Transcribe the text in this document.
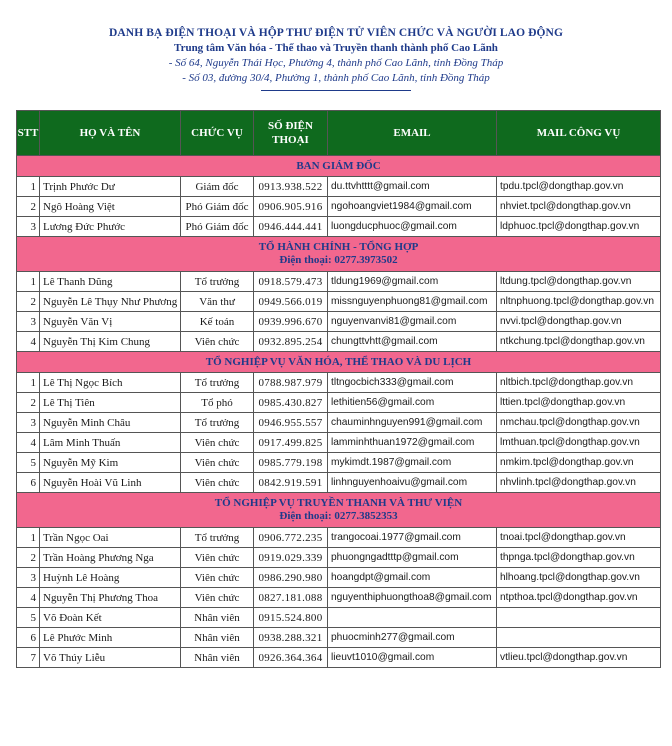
DANH BẠ ĐIỆN THOẠI VÀ HỘP THƯ ĐIỆN TỬ VIÊN CHỨC VÀ NGƯỜI LAO ĐỘNG
Trung tâm Văn hóa - Thể thao và Truyền thanh thành phố Cao Lãnh
- Số 64, Nguyễn Thái Học, Phường 4, thành phố Cao Lãnh, tỉnh Đồng Tháp
- Số 03, đường 30/4, Phường 1, thành phố Cao Lãnh, tỉnh Đồng Tháp
STT	HỌ VÀ TÊN	CHỨC VỤ	SỐ ĐIỆN THOẠI	EMAIL	MAIL CÔNG VỤ

BAN GIÁM ĐỐC					

1	Trịnh Phước Dư	Giám đốc	0913.938.522	du.ttvhtttt@gmail.com	tpdu.tpcl@dongthap.gov.vn
2	Ngô Hoàng Việt	Phó Giám đốc	0906.905.916	ngohoangviet1984@gmail.com	nhviet.tpcl@dongthap.gov.vn
3	Lương Đức Phước	Phó Giám đốc	0946.444.441	luongducphuoc@gmail.com	ldphuoc.tpcl@dongthap.gov.vn

TỔ HÀNH CHÍNH - TỔNG HỢP
Điện thoại: 0277.3973502					

1	Lê Thanh Dũng	Tổ trưởng	0918.579.473	tldung1969@gmail.com	ltdung.tpcl@dongthap.gov.vn
2	Nguyễn Lê Thụy Như Phương	Văn thư	0949.566.019	missnguyenphuong81@gmail.com	nltnphuong.tpcl@dongthap.gov.vn
3	Nguyễn Văn Vị	Kế toán	0939.996.670	nguyenvanvi81@gmail.com	nvvi.tpcl@dongthap.gov.vn
4	Nguyễn Thị Kim Chung	Viên chức	0932.895.254	chungttvhtt@gmail.com	ntkchung.tpcl@dongthap.gov.vn

TỔ NGHIỆP VỤ VĂN HÓA, THỂ THAO VÀ DU LỊCH					

1	Lê Thị Ngọc Bích	Tổ trưởng	0788.987.979	tltngocbich333@gmail.com	nltbich.tpcl@dongthap.gov.vn
2	Lê Thị Tiên	Tổ phó	0985.430.827	lethitien56@gmail.com	lttien.tpcl@dongthap.gov.vn
3	Nguyễn Minh Châu	Tổ trưởng	0946.955.557	chauminhnguyen991@gmail.com	nmchau.tpcl@dongthap.gov.vn
4	Lâm Minh Thuấn	Viên chức	0917.499.825	lamminhthuan1972@gmail.com	lmthuan.tpcl@dongthap.gov.vn
5	Nguyễn Mỹ Kim	Viên chức	0985.779.198	mykimdt.1987@gmail.com	nmkim.tpcl@dongthap.gov.vn
6	Nguyễn Hoài Vũ Linh	Viên chức	0842.919.591	linhnguyenhoaivu@gmail.com	nhvlinh.tpcl@dongthap.gov.vn

TỔ NGHIỆP VỤ TRUYỀN THANH VÀ THƯ VIỆN
Điện thoại: 0277.3852353					

1	Trần Ngọc Oai	Tổ trưởng	0906.772.235	trangocoai.1977@gmail.com	tnoai.tpcl@dongthap.gov.vn
2	Trần Hoàng Phương Nga	Viên chức	0919.029.339	phuongngadtttp@gmail.com	thpnga.tpcl@dongthap.gov.vn
3	Huỳnh Lê Hoàng	Viên chức	0986.290.980	hoangdpt@gmail.com	hlhoang.tpcl@dongthap.gov.vn
4	Nguyễn Thị Phương Thoa	Viên chức	0827.181.088	nguyenthiphuongthoa8@gmail.com	ntpthoa.tpcl@dongthap.gov.vn
5	Võ Đoàn Kết	Nhân viên	0915.524.800		
6	Lê Phước Minh	Nhân viên	0938.288.321	phuocminh277@gmail.com	
7	Võ Thúy Liễu	Nhân viên	0926.364.364	lieuvt1010@gmail.com	vtlieu.tpcl@dongthap.gov.vn
